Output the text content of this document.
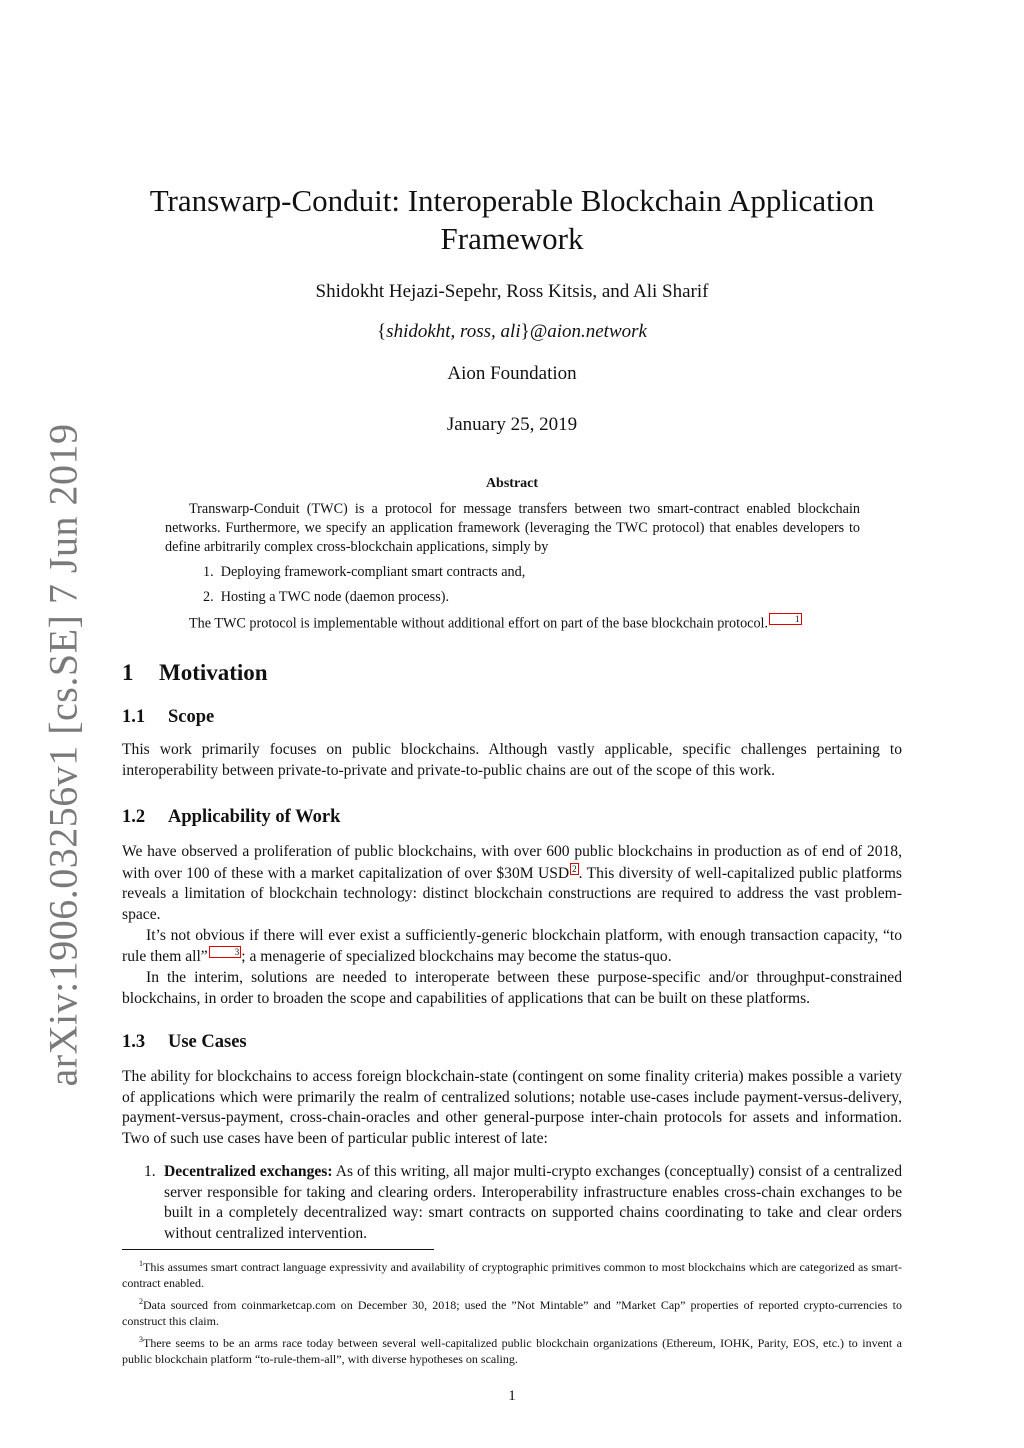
arXiv:1906.03256v1 [cs.SE] 7 Jun 2019
Transwarp-Conduit: Interoperable Blockchain Application
Framework
Shidokht Hejazi-Sepehr, Ross Kitsis, and Ali Sharif
{shidokht, ross, ali}@aion.network
Aion Foundation
January 25, 2019
Abstract

Transwarp-Conduit (TWC) is a protocol for message transfers between two smart-contract enabled blockchain networks. Furthermore, we specify an application framework (leveraging the TWC protocol) that enables developers to define arbitrarily complex cross-blockchain applications, simply by

1. Deploying framework-compliant smart contracts and,
2. Hosting a TWC node (daemon process).

The TWC protocol is implementable without additional effort on part of the base blockchain protocol.	1

1 Motivation
1.1 Scope

This work primarily focuses on public blockchains. Although vastly applicable, specific challenges pertaining to interoperability between private-to-private and private-to-public chains are out of the scope of this work.

1.2 Applicability of Work

We have observed a proliferation of public blockchains, with over 600 public blockchains in production as of end of 2018, with over 100 of these with a market capitalization of over $30M USD 2 . This diversity of well-capitalized public platforms reveals a limitation of blockchain technology: distinct blockchain constructions are required to address the vast problem-space.

It’s not obvious if there will ever exist a sufficiently-generic blockchain platform, with enough transaction capacity, “to rule them all”	3 ; a menagerie of specialized blockchains may become the status-quo.

In the interim, solutions are needed to interoperate between these purpose-specific and/or throughput-constrained blockchains, in order to broaden the scope and capabilities of applications that can be built on these platforms.

1.3 Use Cases

The ability for blockchains to access foreign blockchain-state (contingent on some finality criteria) makes possible a variety of applications which were primarily the realm of centralized solutions; notable use-cases include payment-versus-delivery, payment-versus-payment, cross-chain-oracles and other general-purpose inter-chain protocols for assets and information. Two of such use cases have been of particular public interest of late:

1. Decentralized exchanges: As of this writing, all major multi-crypto exchanges (conceptually) consist of a centralized server responsible for taking and clearing orders. Interoperability infrastructure enables cross-chain exchanges to be built in a completely decentralized way: smart contracts on supported chains coordinating to take and clear orders without centralized intervention.

$^1$This assumes smart contract language expressivity and availability of cryptographic primitives common to most blockchains which are categorized as smart-contract enabled.

$^2$Data sourced from coinmarketcap.com on December 30, 2018; used the ”Not Mintable” and ”Market Cap” properties of reported crypto-currencies to construct this claim.

$^3$There seems to be an arms race today between several well-capitalized public blockchain organizations (Ethereum, IOHK, Parity, EOS, etc.) to invent a public blockchain platform “to-rule-them-all”, with diverse hypotheses on scaling.

1
